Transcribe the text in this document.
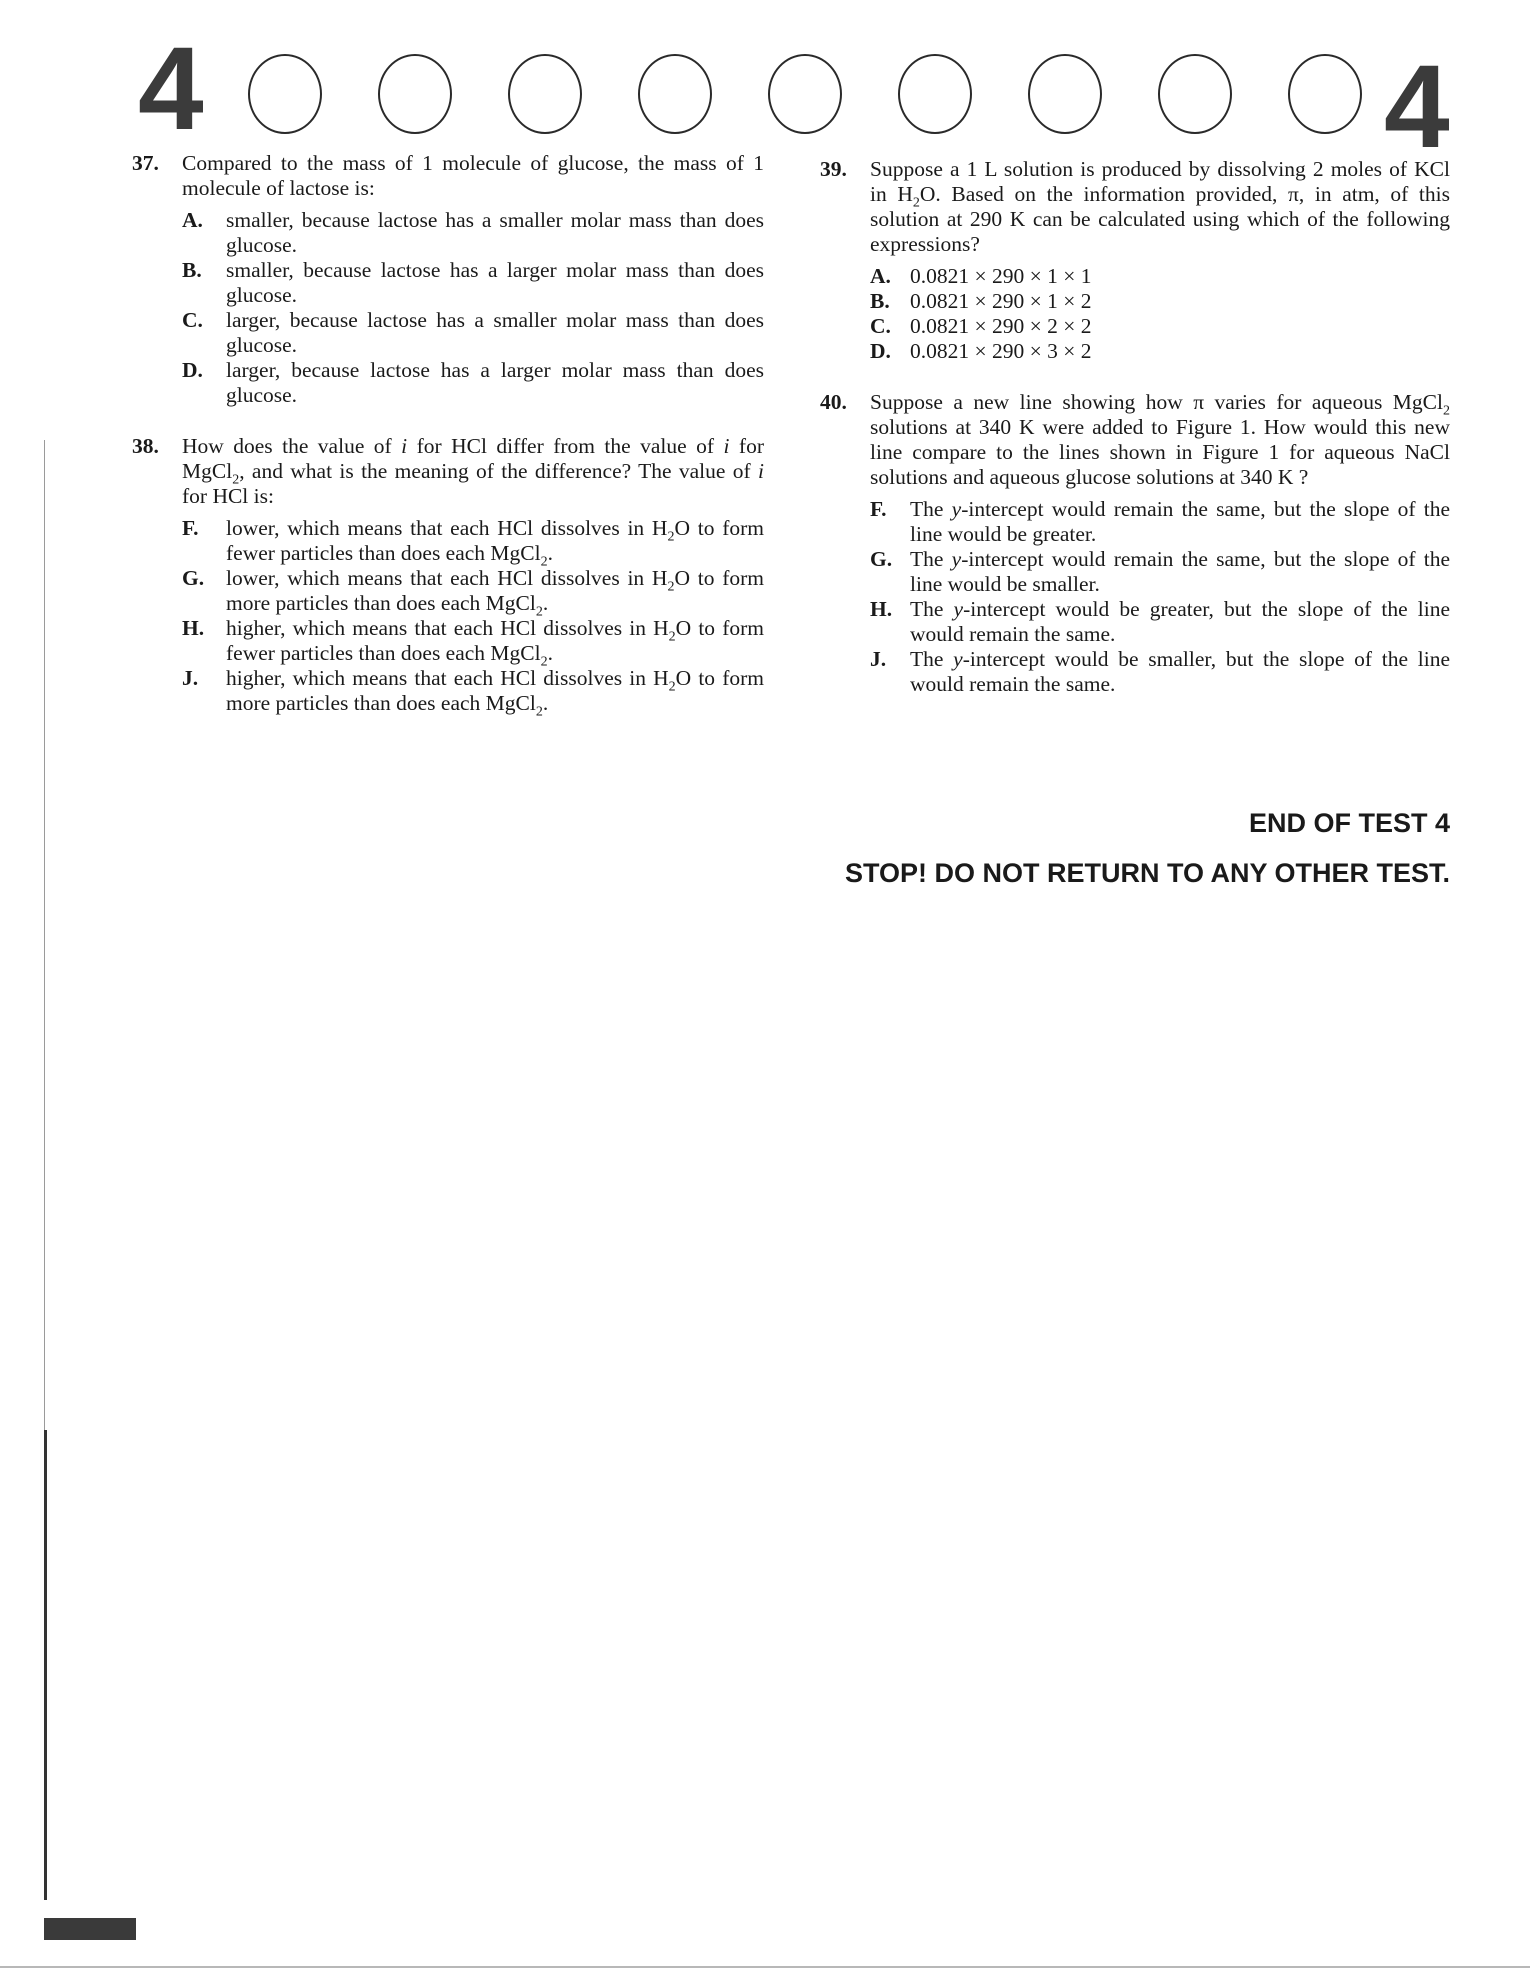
4	4
37.	Compared to the mass of 1 molecule of glucose, the mass of 1 molecule of lactose is:
A. smaller, because lactose has a smaller molar mass than does glucose.
B. smaller, because lactose has a larger molar mass than does glucose.
C. larger, because lactose has a smaller molar mass than does glucose.
D. larger, because lactose has a larger molar mass than does glucose.
38.	How does the value of i for HCl differ from the value of i for MgCl$_2$, and what is the meaning of the difference? The value of i for HCl is:
F. lower, which means that each HCl dissolves in $H_2O$ to form fewer particles than does each MgCl$_2$.
G. lower, which means that each HCl dissolves in $H_2O$ to form more particles than does each MgCl$_2$.
H. higher, which means that each HCl dissolves in $H_2O$ to form fewer particles than does each MgCl$_2$.
J. higher, which means that each HCl dissolves in $H_2O$ to form more particles than does each MgCl$_2$.
39.	Suppose a 1 L solution is produced by dissolving 2 moles of KCl in $H_2O$. Based on the information provided, π, in atm, of this solution at 290 K can be calculated using which of the following expressions?
A. 0.0821 × 290 × 1 × 1
B. 0.0821 × 290 × 1 × 2
C. 0.0821 × 290 × 2 × 2
D. 0.0821 × 290 × 3 × 2
40.	Suppose a new line showing how π varies for aqueous MgCl$_2$ solutions at 340 K were added to Figure 1. How would this new line compare to the lines shown in Figure 1 for aqueous NaCl solutions and aqueous glucose solutions at 340 K ?
F. The y-intercept would remain the same, but the slope of the line would be greater.
G. The y-intercept would remain the same, but the slope of the line would be smaller.
H. The y-intercept would be greater, but the slope of the line would remain the same.
J. The y-intercept would be smaller, but the slope of the line would remain the same.
END OF TEST 4
STOP! DO NOT RETURN TO ANY OTHER TEST.
